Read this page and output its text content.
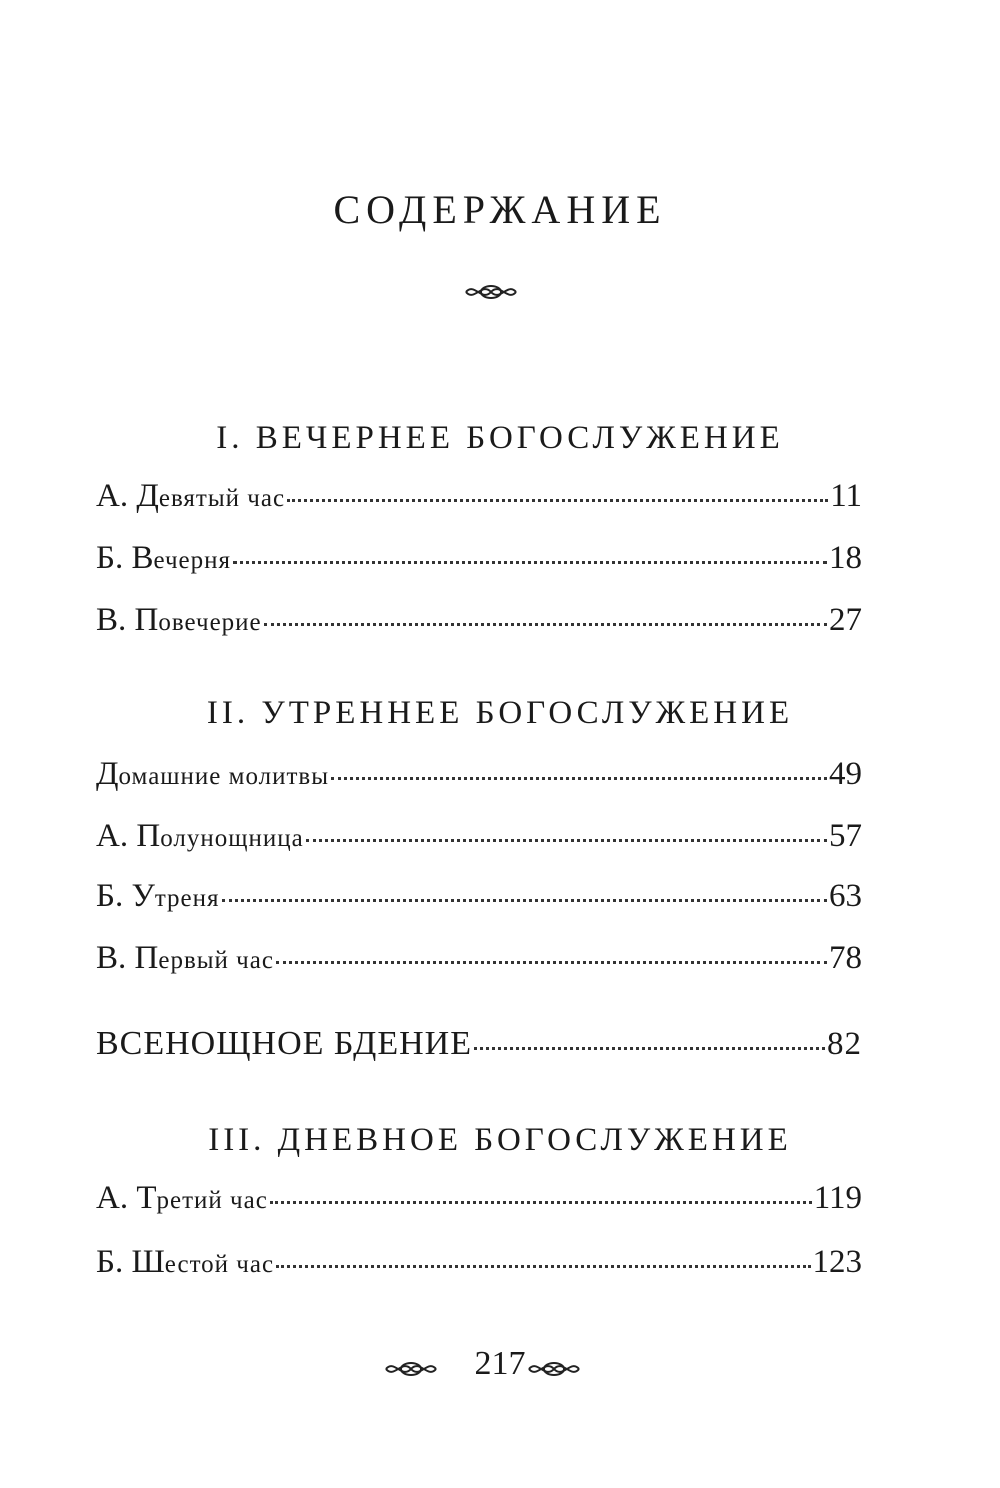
СОДЕРЖАНИЕ
I. ВЕЧЕРНЕЕ БОГОСЛУЖЕНИЕ
А. Девятый час	11
Б. Вечерня	18
В. Повечерие	27
II. УТРЕННЕЕ БОГОСЛУЖЕНИЕ
Домашние молитвы	49
А. Полунощница	57
Б. Утреня	63
В. Первый час	78
ВСЕНОЩНОЕ БДЕНИЕ	82
III. ДНЕВНОЕ БОГОСЛУЖЕНИЕ
А. Третий час	119
Б. Шестой час	123
217
